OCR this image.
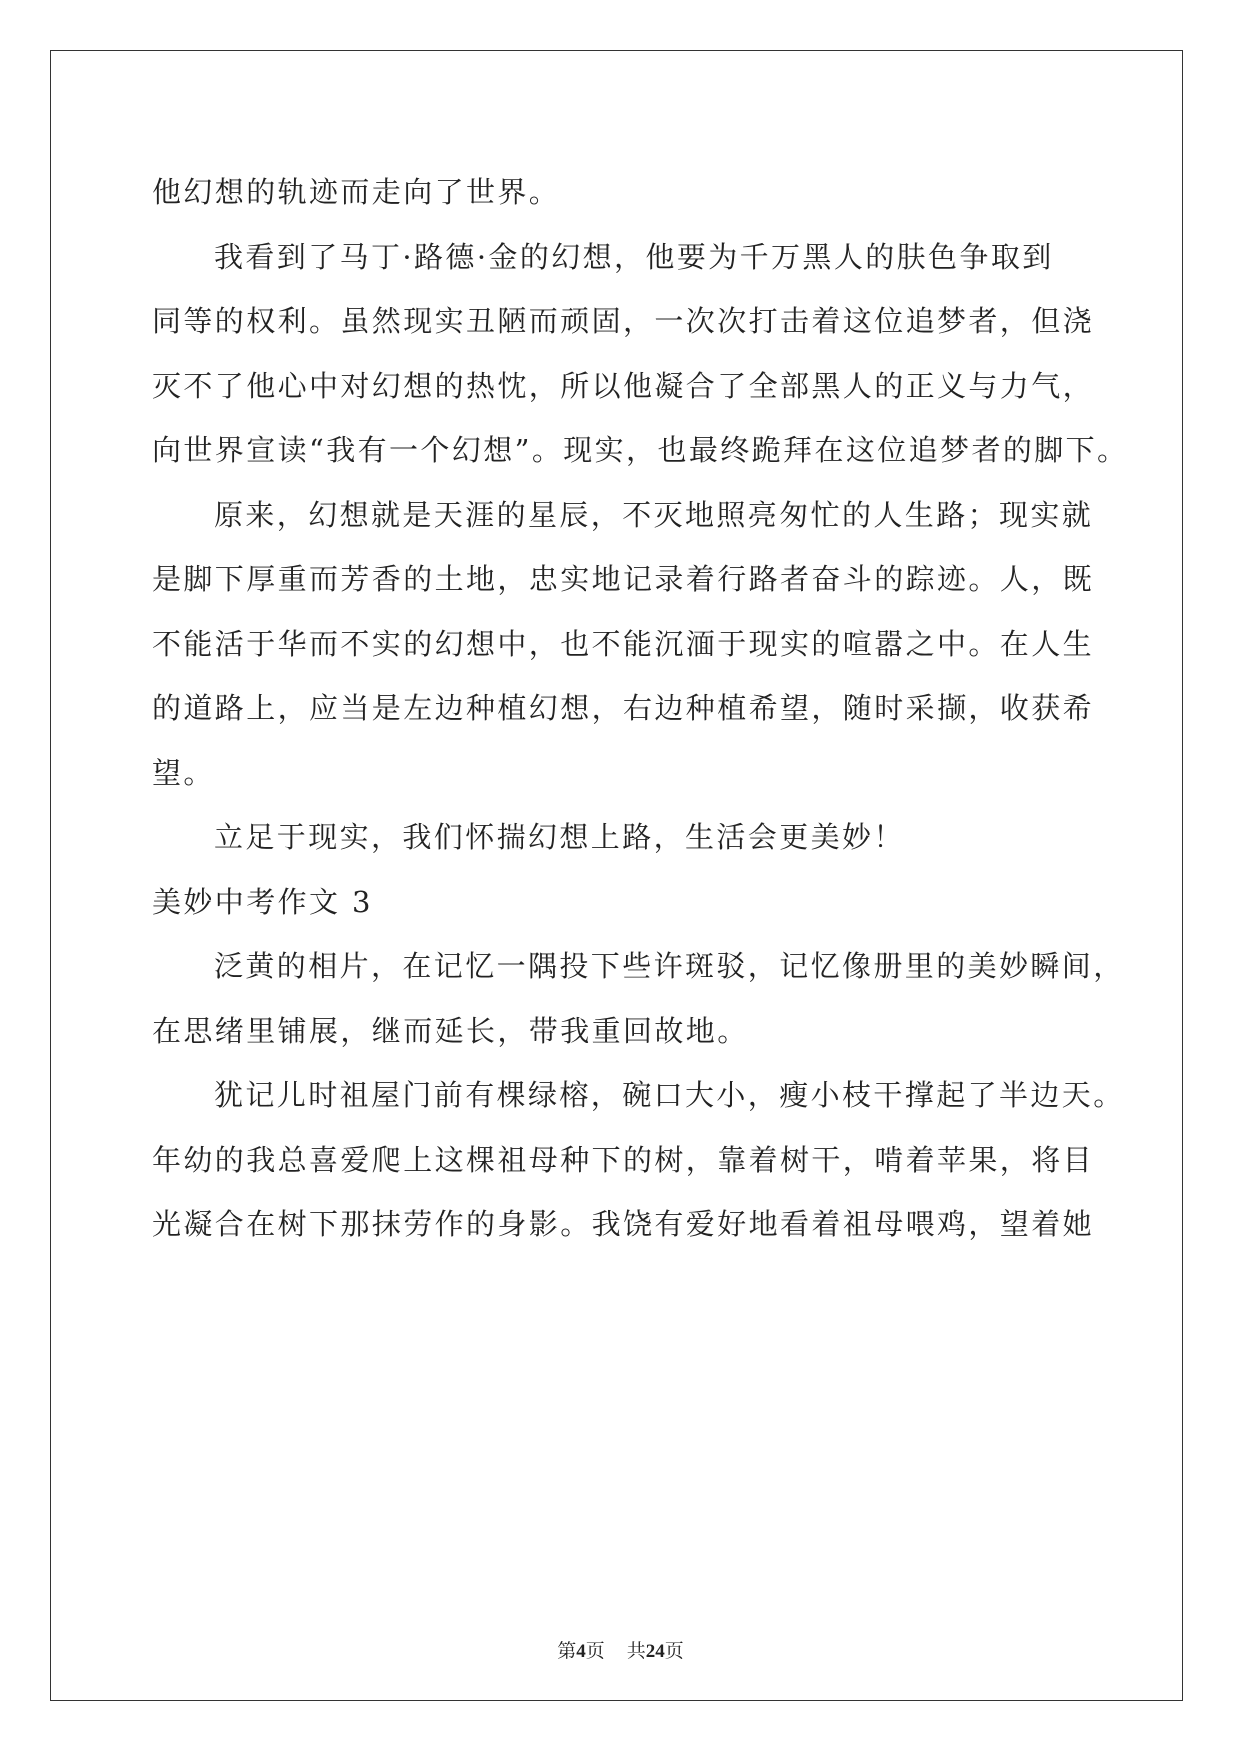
他幻想的轨迹而走向了世界。
我看到了马丁·路德·金的幻想，他要为千万黑人的肤色争取到
同等的权利。虽然现实丑陋而顽固，一次次打击着这位追梦者，但浇
灭不了他心中对幻想的热忱，所以他凝合了全部黑人的正义与力气，
向世界宣读“我有一个幻想”。现实，也最终跪拜在这位追梦者的脚下。
原来，幻想就是天涯的星辰，不灭地照亮匆忙的人生路；现实就
是脚下厚重而芳香的土地，忠实地记录着行路者奋斗的踪迹。人，既
不能活于华而不实的幻想中，也不能沉湎于现实的喧嚣之中。在人生
的道路上，应当是左边种植幻想，右边种植希望，随时采撷，收获希
望。
立足于现实，我们怀揣幻想上路，生活会更美妙！
美妙中考作文 3
泛黄的相片，在记忆一隅投下些许斑驳，记忆像册里的美妙瞬间，
在思绪里铺展，继而延长，带我重回故地。
犹记儿时祖屋门前有棵绿榕，碗口大小，瘦小枝干撑起了半边天。
年幼的我总喜爱爬上这棵祖母种下的树，靠着树干，啃着苹果，将目
光凝合在树下那抹劳作的身影。我饶有爱好地看着祖母喂鸡，望着她
第4页 共24页
